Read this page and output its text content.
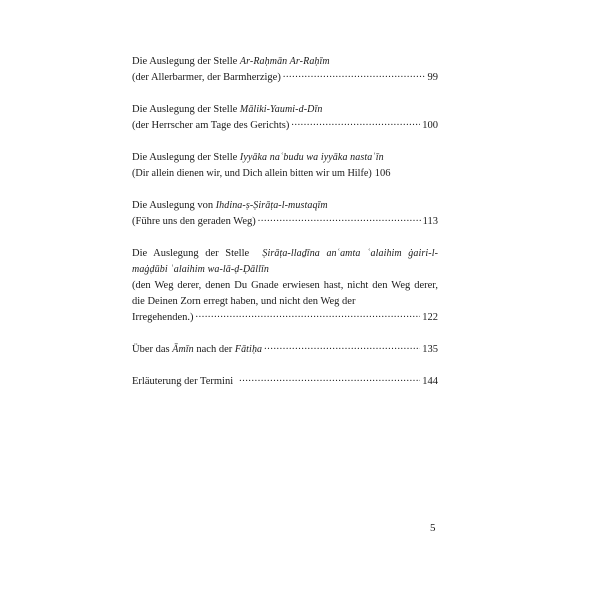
Die Auslegung der Stelle
Ar-Raḥmān Ar-Raḥīm
(der Allerbarmer, der Barmherzige) .....	99
Die Auslegung der Stelle
Māliki-Yaumi-d-Dīn
(der Herrscher am Tage des Gerichts) .....	100
Die Auslegung der Stelle
Iyyāka naʿbudu wa iyyāka nastaʿīn
(Dir allein dienen wir, und Dich allein bitten wir um Hilfe) 106
Die Auslegung von
Ihdina-ṣ-Ṣirāṭa-l-mustaqīm
(Führe uns den geraden Weg) .....	113
Die Auslegung der Stelle  Ṣirāṭa-llaḏīna anʿamta ʿalaihim ġairi-l-maġḍūbi ʿalaihim wa-lā-ḍ-Ḍāllīn
(den Weg derer, denen Du Gnade erwiesen hast, nicht den Weg derer, die Deinen Zorn erregt haben, und nicht den Weg der
Irregehenden.) .....	122
Über das
Āmīn
nach der
Fātiḥa .....	135
Erläuterung der Termini .....	144
5
